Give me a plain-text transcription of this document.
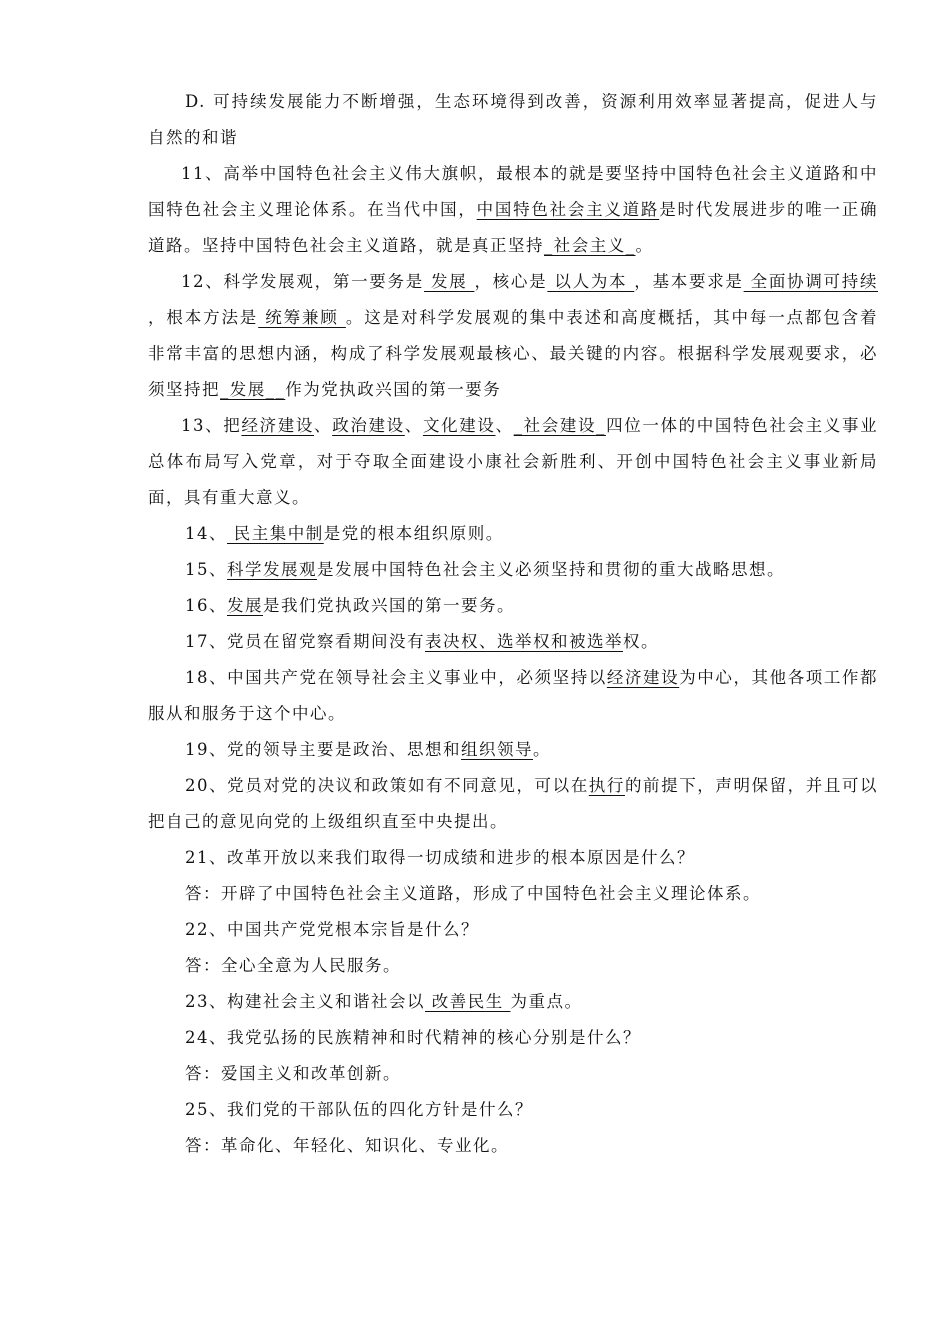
D. 可持续发展能力不断增强，生态环境得到改善，资源利用效率显著提高，促进人与自然的和谐

11、高举中国特色社会主义伟大旗帜，最根本的就是要坚持中国特色社会主义道路和中国特色社会主义理论体系。在当代中国，中国特色社会主义道路是时代发展进步的唯一正确道路。坚持中国特色社会主义道路，就是真正坚持_社会主义_。

12、科学发展观，第一要务是 发展 ，核心是 以人为本 ，基本要求是 全面协调可持续 ，根本方法是 统筹兼顾 。这是对科学发展观的集中表述和高度概括，其中每一点都包含着非常丰富的思想内涵，构成了科学发展观最核心、最关键的内容。根据科学发展观要求，必须坚持把_发展__作为党执政兴国的第一要务

13、把经济建设、政治建设、文化建设、_社会建设_四位一体的中国特色社会主义事业总体布局写入党章，对于夺取全面建设小康社会新胜利、开创中国特色社会主义事业新局面，具有重大意义。

14、 民主集中制是党的根本组织原则。

15、科学发展观是发展中国特色社会主义必须坚持和贯彻的重大战略思想。

16、发展是我们党执政兴国的第一要务。

17、党员在留党察看期间没有表决权、选举权和被选举权。

18、中国共产党在领导社会主义事业中，必须坚持以经济建设为中心，其他各项工作都服从和服务于这个中心。

19、党的领导主要是政治、思想和组织领导。

20、党员对党的决议和政策如有不同意见，可以在执行的前提下，声明保留，并且可以把自己的意见向党的上级组织直至中央提出。

21、改革开放以来我们取得一切成绩和进步的根本原因是什么？

答：开辟了中国特色社会主义道路，形成了中国特色社会主义理论体系。

22、中国共产党党根本宗旨是什么？

答：全心全意为人民服务。

23、构建社会主义和谐社会以 改善民生 为重点。

24、我党弘扬的民族精神和时代精神的核心分别是什么？

答：爱国主义和改革创新。

25、我们党的干部队伍的四化方针是什么？

答：革命化、年轻化、知识化、专业化。
